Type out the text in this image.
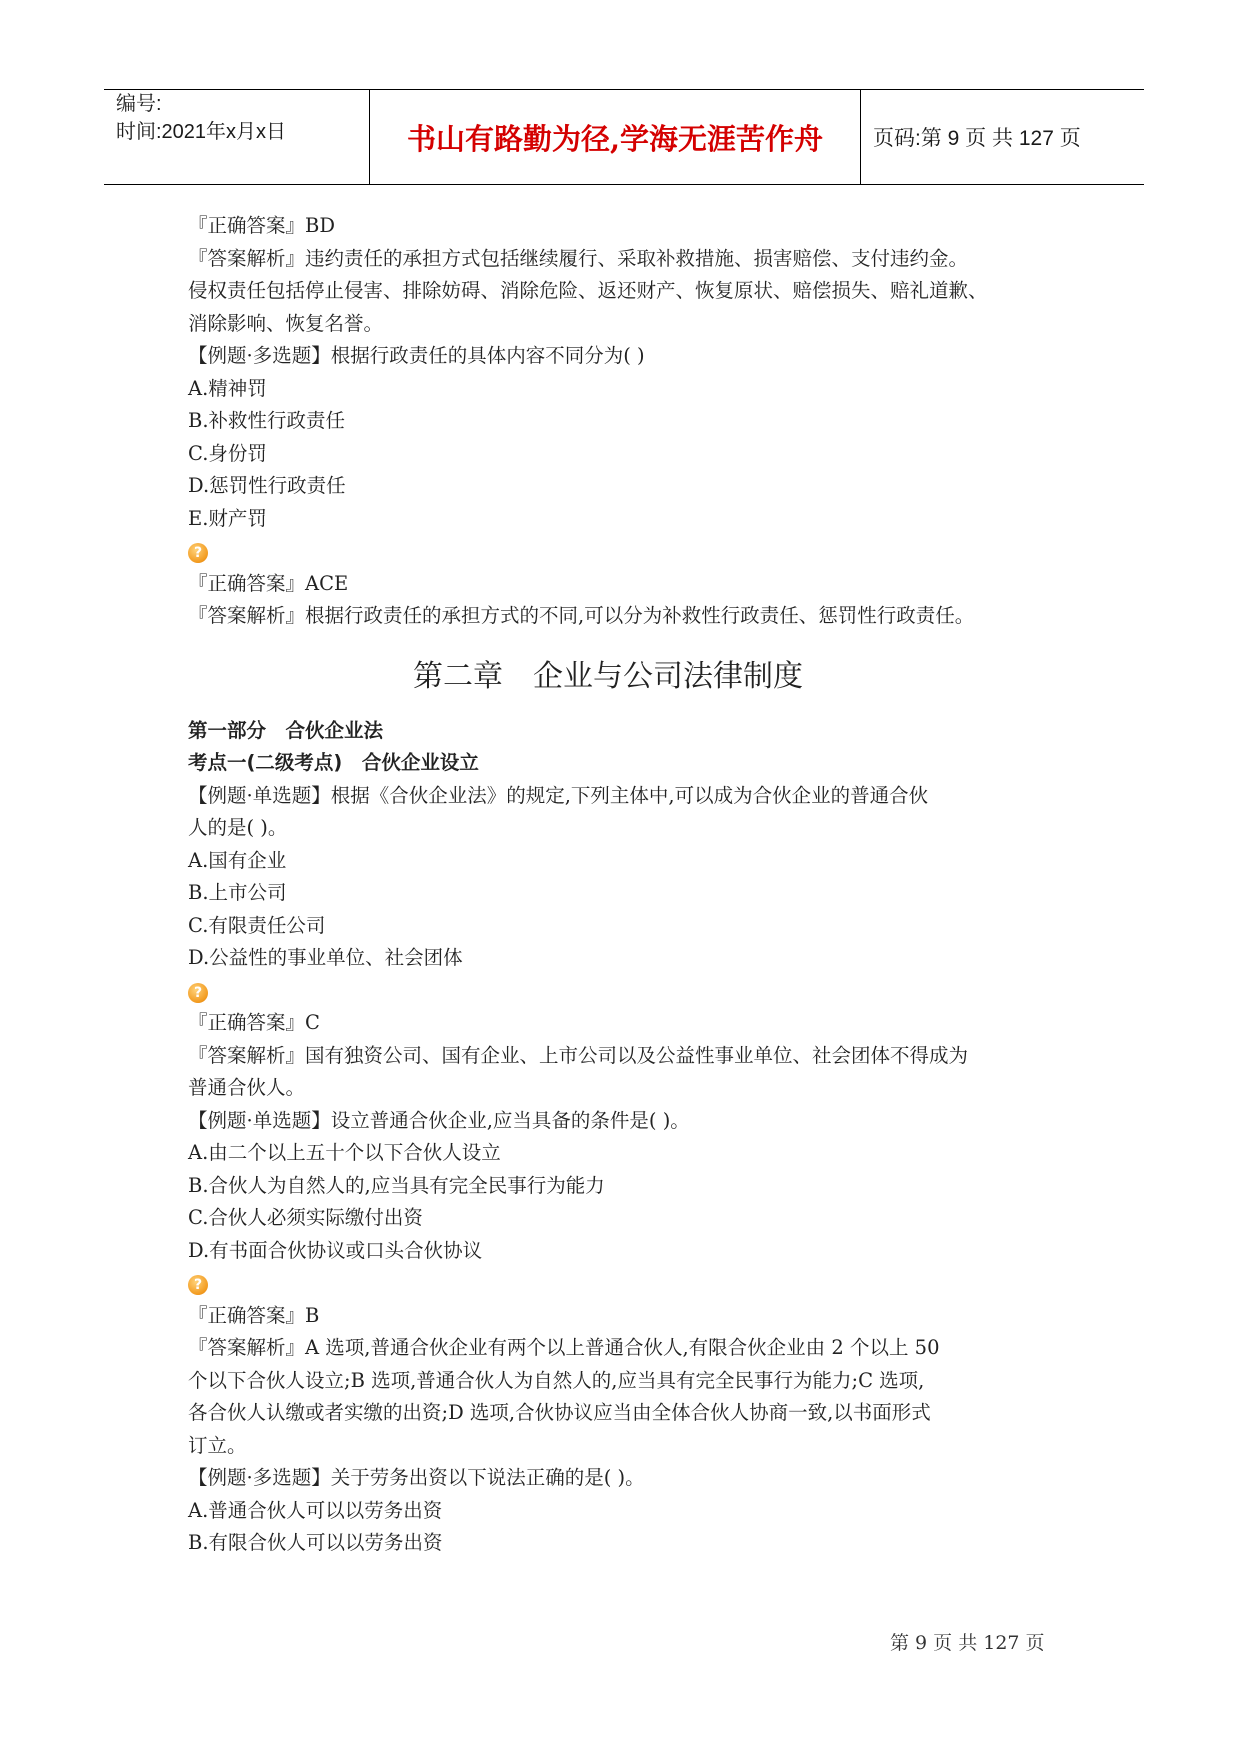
编号:
时间:2021年x月x日	书山有路勤为径,学海无涯苦作舟	页码:第 9 页 共 127 页
『正确答案』BD
『答案解析』违约责任的承担方式包括继续履行、采取补救措施、损害赔偿、支付违约金。
侵权责任包括停止侵害、排除妨碍、消除危险、返还财产、恢复原状、赔偿损失、赔礼道歉、
消除影响、恢复名誉。
【例题·多选题】根据行政责任的具体内容不同分为( )
A.精神罚
B.补救性行政责任
C.身份罚
D.惩罚性行政责任
E.财产罚
?
『正确答案』ACE
『答案解析』根据行政责任的承担方式的不同,可以分为补救性行政责任、惩罚性行政责任。
第二章　企业与公司法律制度
第一部分　合伙企业法
考点一(二级考点)　合伙企业设立
【例题·单选题】根据《合伙企业法》的规定,下列主体中,可以成为合伙企业的普通合伙
人的是( )。
A.国有企业
B.上市公司
C.有限责任公司
D.公益性的事业单位、社会团体
?
『正确答案』C
『答案解析』国有独资公司、国有企业、上市公司以及公益性事业单位、社会团体不得成为
普通合伙人。
【例题·单选题】设立普通合伙企业,应当具备的条件是( )。
A.由二个以上五十个以下合伙人设立
B.合伙人为自然人的,应当具有完全民事行为能力
C.合伙人必须实际缴付出资
D.有书面合伙协议或口头合伙协议
?
『正确答案』B
『答案解析』A 选项,普通合伙企业有两个以上普通合伙人,有限合伙企业由 2 个以上 50
个以下合伙人设立;B 选项,普通合伙人为自然人的,应当具有完全民事行为能力;C 选项,
各合伙人认缴或者实缴的出资;D 选项,合伙协议应当由全体合伙人协商一致,以书面形式
订立。
【例题·多选题】关于劳务出资以下说法正确的是( )。
A.普通合伙人可以以劳务出资
B.有限合伙人可以以劳务出资
第 9 页 共 127 页
